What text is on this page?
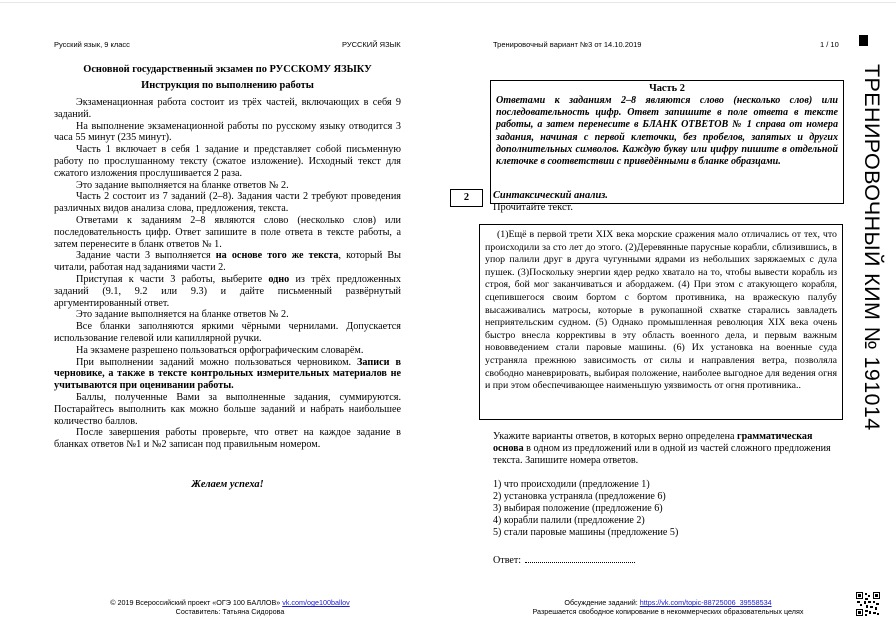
Русский язык, 9 класс	РУССКИЙ ЯЗЫК	Тренировочный вариант №3 от 14.10.2019	1 / 10
Основной государственный экзамен по РУССКОМУ ЯЗЫКУ
Инструкция по выполнению работы

Экзаменационная работа состоит из трёх частей, включающих в себя 9 заданий.

На выполнение экзаменационной работы по русскому языку отводится 3 часа 55 минут (235 минут).

Часть 1 включает в себя 1 задание и представляет собой письменную работу по прослушанному тексту (сжатое изложение). Исходный текст для сжатого изложения прослушивается 2 раза.

Это задание выполняется на бланке ответов № 2.

Часть 2 состоит из 7 заданий (2–8). Задания части 2 требуют проведения различных видов анализа слова, предложения, текста.

Ответами к заданиям 2–8 являются слово (несколько слов) или последовательность цифр. Ответ запишите в поле ответа в тексте работы, а затем перенесите в бланк ответов № 1.

Задание части 3 выполняется на основе того же текста, который Вы читали, работая над заданиями части 2.

Приступая к части 3 работы, выберите одно из трёх предложенных заданий (9.1, 9.2 или 9.3) и дайте письменный развёрнутый аргументированный ответ.

Это задание выполняется на бланке ответов № 2.

Все бланки заполняются яркими чёрными чернилами. Допускается использование гелевой или капиллярной ручки.

На экзамене разрешено пользоваться орфографическим словарём.

При выполнении заданий можно пользоваться черновиком. Записи в черновике, а также в тексте контрольных измерительных материалов не учитываются при оценивании работы.

Баллы, полученные Вами за выполненные задания, суммируются. Постарайтесь выполнить как можно больше заданий и набрать наибольшее количество баллов.

После завершения работы проверьте, что ответ на каждое задание в бланках ответов №1 и №2 записан под правильным номером.

Желаем успеха!
© 2019 Всероссийский проект «ОГЭ 100 БАЛЛОВ» vk.com/oge100ballov
Составитель: Татьяна Сидорова
Обсуждение заданий: https://vk.com/topic-88725006_39558534
Разрешается свободное копирование в некоммерческих образовательных целях
Часть 2
Ответами к заданиям 2–8 являются слово (несколько слов) или последовательность цифр. Ответ запишите в поле ответа в тексте работы, а затем перенесите в БЛАНК ОТВЕТОВ № 1 справа от номера задания, начиная с первой клеточки, без пробелов, запятых и других дополнительных символов. Каждую букву или цифру пишите в отдельной клеточке в соответствии с приведёнными в бланке образцами.
2	Синтаксический анализ.
Прочитайте текст.

(1)Ещё в первой трети XIX века морские сражения мало отличались от тех, что происходили за сто лет до этого. (2)Деревянные парусные корабли, сблизившись, в упор палили друг в друга чугунными ядрами из небольших заряжаемых с дула пушек. (3)Поскольку энергии ядер редко хватало на то, чтобы вывести корабль из строя, бой мог заканчиваться и абордажем. (4) При этом с атакующего корабля, сцепившегося своим бортом с бортом противника, на вражескую палубу высаживались матросы, которые в рукопашной схватке старались завладеть неприятельским судном. (5) Однако промышленная революция XIX века очень быстро внесла коррективы в эту область военного дела, и первым важным нововведением стали паровые машины. (6) Их установка на военные суда устраняла прежнюю зависимость от силы и направления ветра, позволяла свободно маневрировать, выбирая положение, наиболее выгодное для ведения огня и при этом обеспечивающее наименьшую уязвимость от огня противника..

Укажите варианты ответов, в которых верно определена грамматическая основа в одном из предложений или в одной из частей сложного предложения текста. Запишите номера ответов.

1) что происходили (предложение 1)
2) установка устраняла (предложение 6)
3) выбирая положение (предложение 6)
4) корабли палили (предложение 2)
5) стали паровые машины (предложение 5)
Ответ:
ТРЕНИРОВОЧНЫЙ КИМ № 191014
